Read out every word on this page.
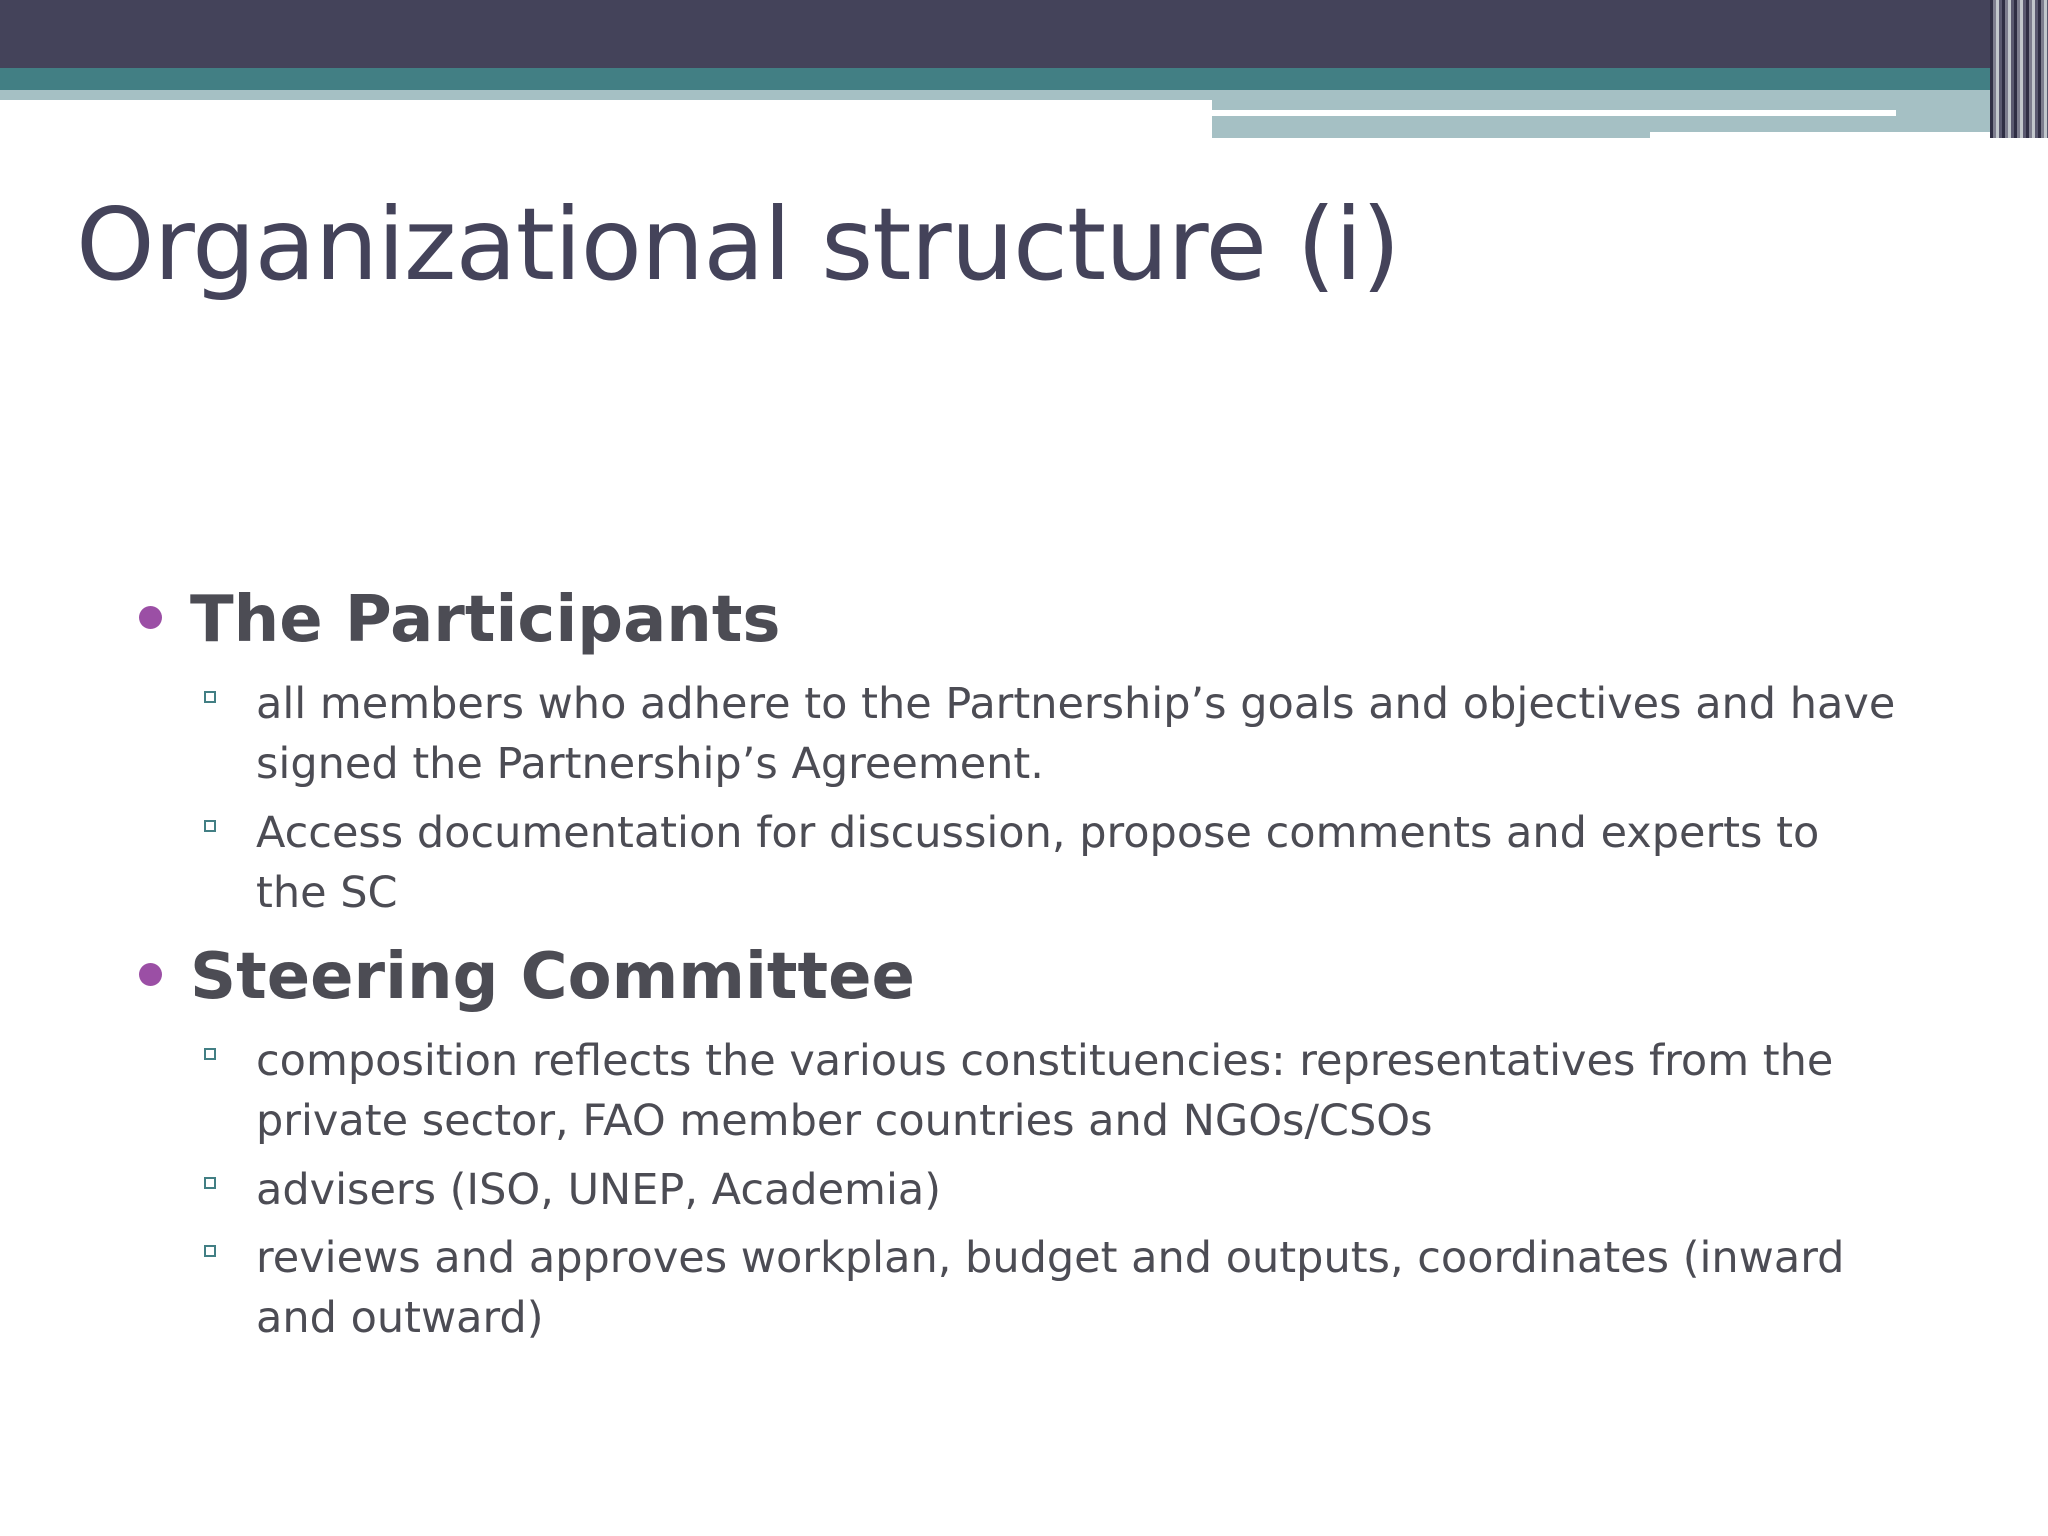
Organizational structure (i)
The Participants

all members who adhere to the Partnership’s goals and objectives and have signed the Partnership’s Agreement.

Access documentation for discussion, propose comments and experts to the SC

Steering Committee

composition reflects the various constituencies: representatives from the private sector, FAO member countries and NGOs/CSOs

advisers (ISO, UNEP, Academia)

reviews and approves workplan, budget and outputs, coordinates (inward and outward)
